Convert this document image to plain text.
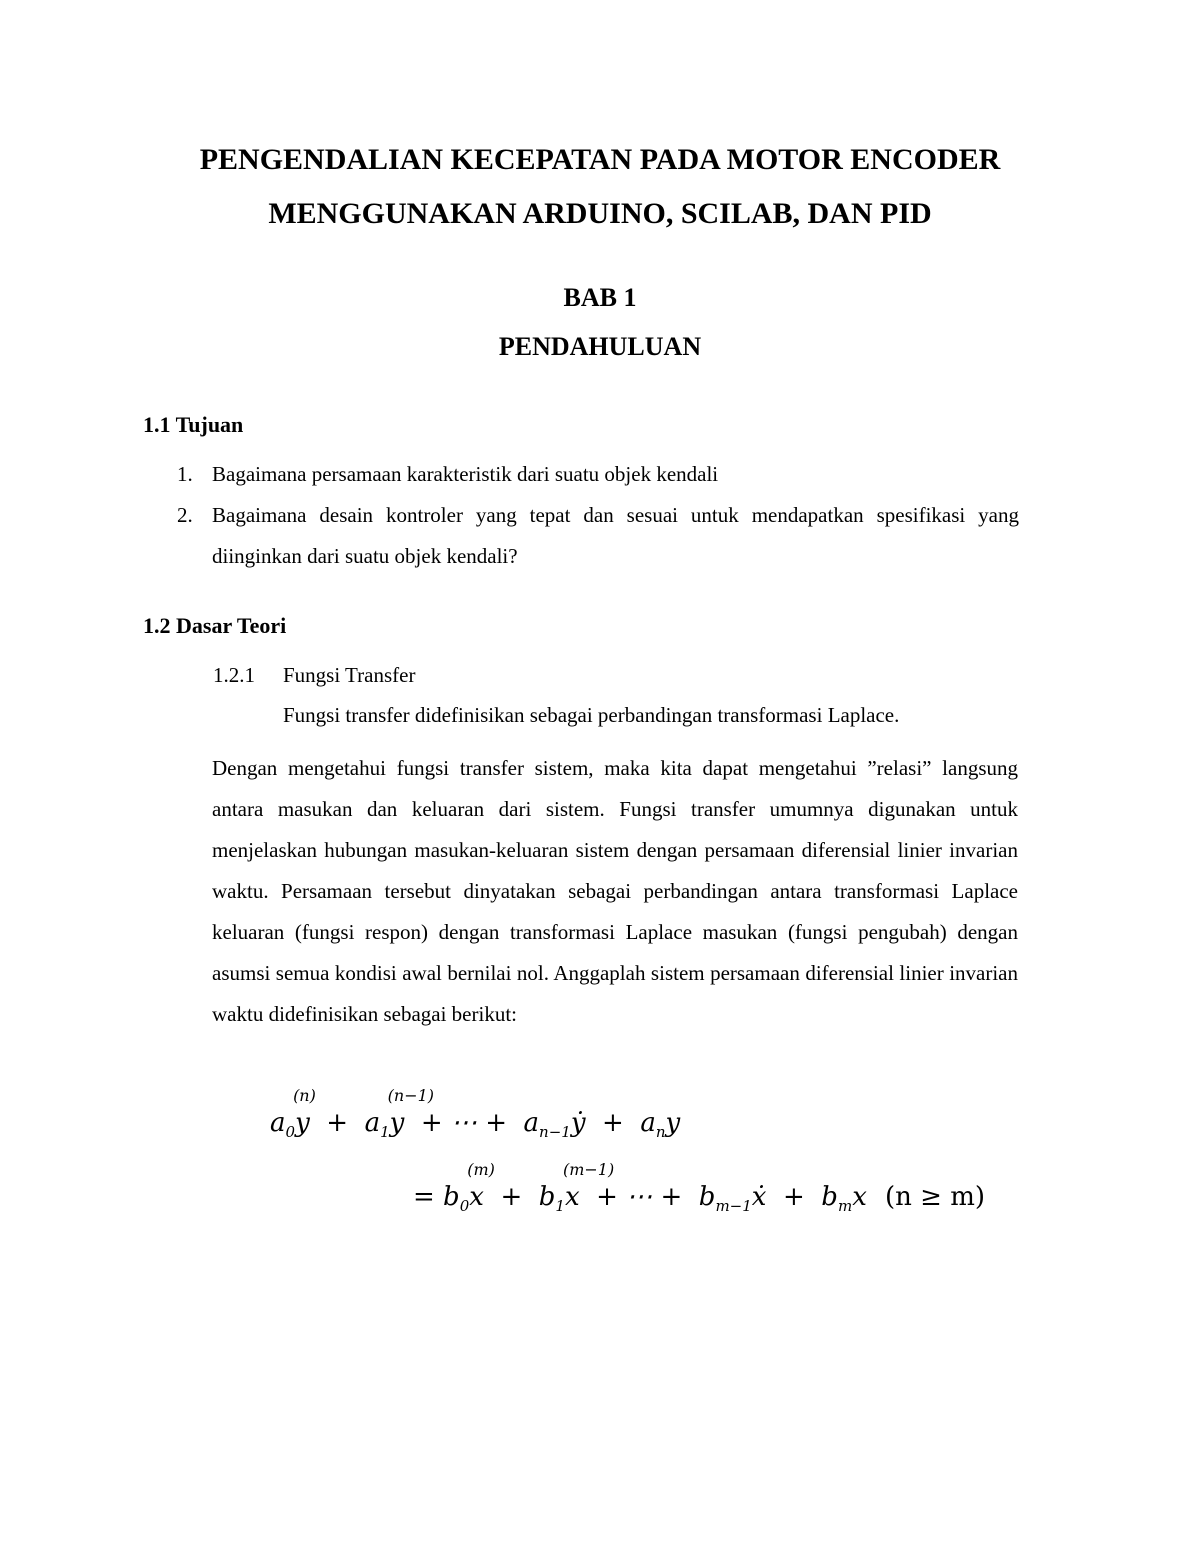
PENGENDALIAN KECEPATAN PADA MOTOR ENCODER
MENGGUNAKAN ARDUINO, SCILAB, DAN PID
BAB 1
PENDAHULUAN
1.1 Tujuan
1. Bagaimana persamaan karakteristik dari suatu objek kendali
2. Bagaimana desain kontroler yang tepat dan sesuai untuk mendapatkan spesifikasi yang diinginkan dari suatu objek kendali?
1.2 Dasar Teori
1.2.1 Fungsi Transfer
Fungsi transfer didefinisikan sebagai perbandingan transformasi Laplace.
Dengan mengetahui fungsi transfer sistem, maka kita dapat mengetahui ”relasi” langsung antara masukan dan keluaran dari sistem. Fungsi transfer umumnya digunakan untuk menjelaskan hubungan masukan-keluaran sistem dengan persamaan diferensial linier invarian waktu. Persamaan tersebut dinyatakan sebagai perbandingan antara transformasi Laplace keluaran (fungsi respon) dengan transformasi Laplace masukan (fungsi pengubah) dengan asumsi semua kondisi awal bernilai nol. Anggaplah sistem persamaan diferensial linier invarian waktu didefinisikan sebagai berikut:
$a_0y$
(n)
+  $a_1y$
(n−1)
+ ⋯ +  $a_{n-1}ẏ + a_ny$
= $b_0x$
(m)
+  $b_1x$
(m−1)
+ ⋯ +  $b_{m-1}ẋ + b_mx$ (n ≥ m)
